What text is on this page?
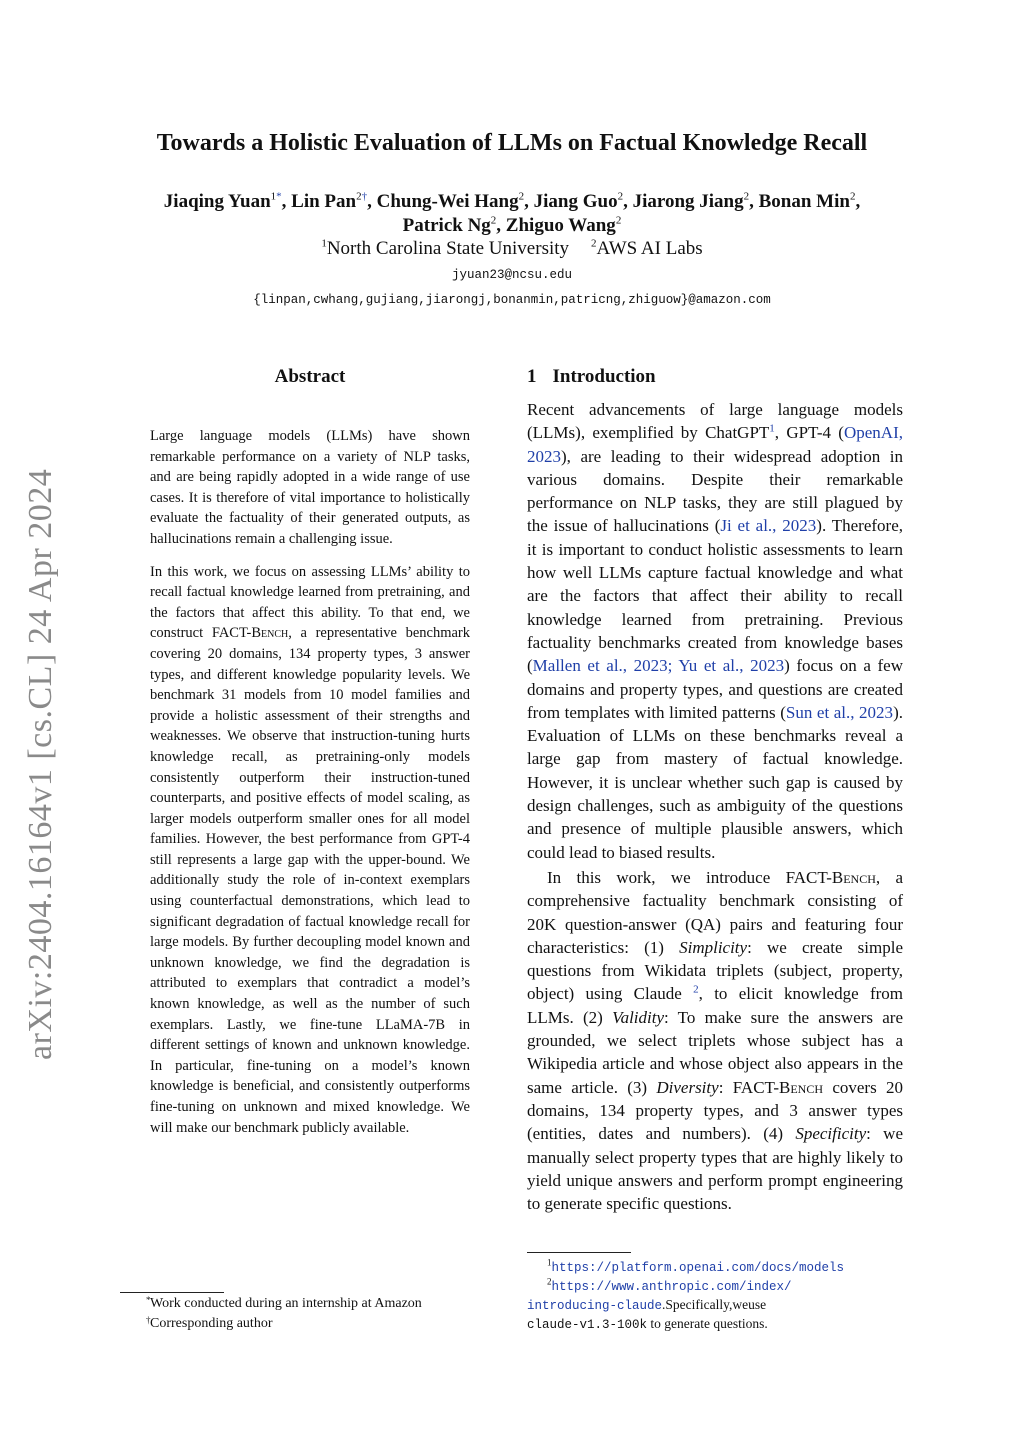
arXiv:2404.16164v1 [cs.CL] 24 Apr 2024
Towards a Holistic Evaluation of LLMs on Factual Knowledge Recall
Jiaqing Yuan$^{1*}$, Lin Pan$^{2\dagger}$, Chung-Wei Hang$^2$, Jiang Guo$^2$, Jiarong Jiang$^2$, Bonan Min$^2$,
Patrick Ng$^2$, Zhiguo Wang$^2$
$^1$North Carolina State University $^2$AWS AI Labs
jyuan23@ncsu.edu
{linpan,cwhang,gujiang,jiarongj,bonanmin,patricng,zhiguow}@amazon.com
Abstract

Large language models (LLMs) have shown remarkable performance on a variety of NLP tasks, and are being rapidly adopted in a wide range of use cases. It is therefore of vital importance to holistically evaluate the factuality of their generated outputs, as hallucinations remain a challenging issue.

In this work, we focus on assessing LLMs’ ability to recall factual knowledge learned from pretraining, and the factors that affect this ability. To that end, we construct FACT-Bench, a representative benchmark covering 20 domains, 134 property types, 3 answer types, and different knowledge popularity levels. We benchmark 31 models from 10 model families and provide a holistic assessment of their strengths and weaknesses. We observe that instruction-tuning hurts knowledge recall, as pretraining-only models consistently outperform their instruction-tuned counterparts, and positive effects of model scaling, as larger models outperform smaller ones for all model families. However, the best performance from GPT-4 still represents a large gap with the upper-bound. We additionally study the role of in-context exemplars using counterfactual demonstrations, which lead to significant degradation of factual knowledge recall for large models. By further decoupling model known and unknown knowledge, we find the degradation is attributed to exemplars that contradict a model’s known knowledge, as well as the number of such exemplars. Lastly, we fine-tune LLaMA-7B in different settings of known and unknown knowledge. In particular, fine-tuning on a model’s known knowledge is beneficial, and consistently outperforms fine-tuning on unknown and mixed knowledge. We will make our benchmark publicly available.

1 Introduction

Recent advancements of large language models (LLMs), exemplified by ChatGPT$^1$, GPT-4 (OpenAI, 2023), are leading to their widespread adoption in various domains. Despite their remarkable performance on NLP tasks, they are still plagued by the issue of hallucinations (Ji et al., 2023). Therefore, it is important to conduct holistic assessments to learn how well LLMs capture factual knowledge and what are the factors that affect their ability to recall knowledge learned from pretraining. Previous factuality benchmarks created from knowledge bases (Mallen et al., 2023; Yu et al., 2023) focus on a few domains and property types, and questions are created from templates with limited patterns (Sun et al., 2023). Evaluation of LLMs on these benchmarks reveal a large gap from mastery of factual knowledge. However, it is unclear whether such gap is caused by design challenges, such as ambiguity of the questions and presence of multiple plausible answers, which could lead to biased results.

In this work, we introduce FACT-Bench, a comprehensive factuality benchmark consisting of 20K question-answer (QA) pairs and featuring four characteristics: (1) Simplicity: we create simple questions from Wikidata triplets (subject, property, object) using Claude $^2$, to elicit knowledge from LLMs. (2) Validity: To make sure the answers are grounded, we select triplets whose subject has a Wikipedia article and whose object also appears in the same article. (3) Diversity: FACT-Bench covers 20 domains, 134 property types, and 3 answer types (entities, dates and numbers). (4) Specificity: we manually select property types that are highly likely to yield unique answers and perform prompt engineering to generate specific questions.

* Work conducted during an internship at Amazon
† Corresponding author
$^1$https://platform.openai.com/docs/models
$^2$https://www.anthropic.com/index/
introducing-claude.Specifically,weuse
claude-v1.3-100k to generate questions.
